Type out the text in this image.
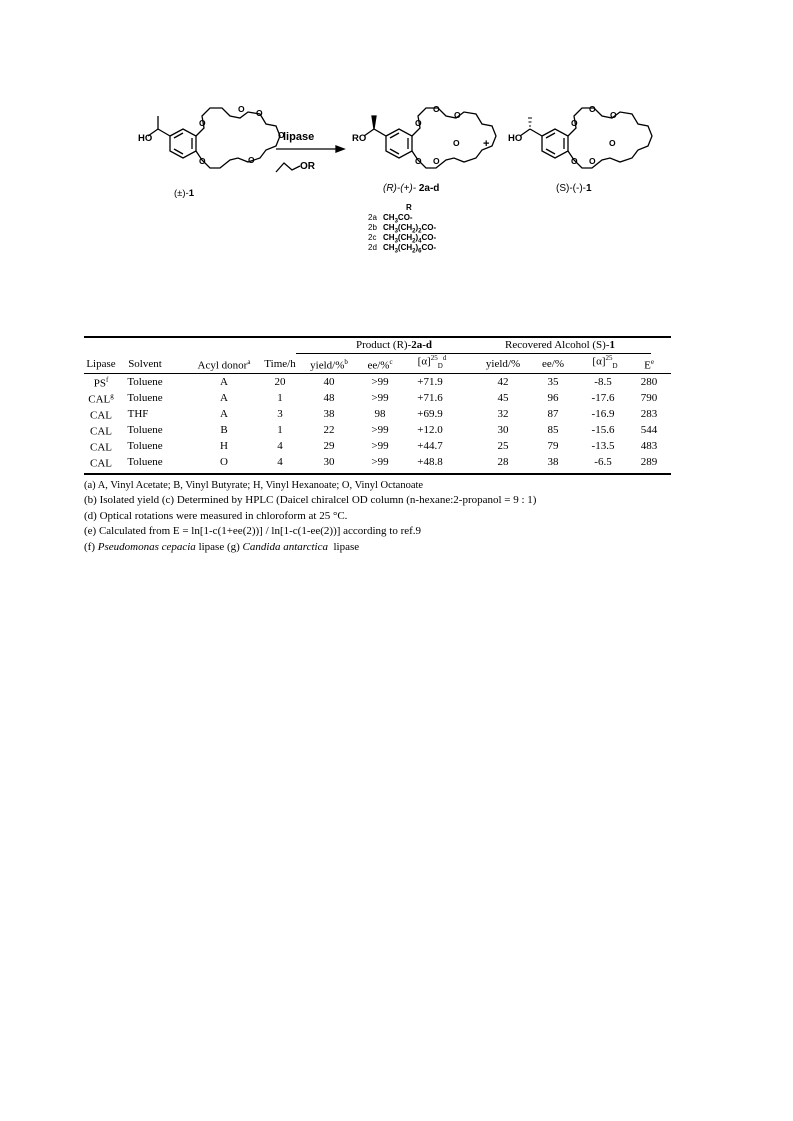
lipase
OR
HO	RO	HO
+
O
O O
O
O
O
O
O
O
O
O
O
O
O
O
O
O
O
(±)-1	(R)-(+)- 2a-d	(S)-(-)-1
R
2a $CH_3CO-$
2b $CH_3(CH_2)_2CO-$
2c $CH_3(CH_2)_4CO-$
2d $CH_3(CH_2)_6CO-$
Product (R)-2a-d	Recovered Alcohol (S)-1
Lipase Solvent	Acyl donor$^a$ Time/h yield/%$^b$ ee/%$^c$ $[\alpha]^{25}_D^d$	yield/% ee/%	$[\alpha]^{25}_D$ $E^e$
$PS^f$ Toluene	A	20	40	>99	+71.9	42	35	-8.5	280
CAL$^g$ Toluene	A	1	48	>99	+71.6	45	96	-17.6 790
CAL THF	A	3	38	98	+69.9	32	87	-16.9 283
CAL Toluene	B	1	22	>99	+12.0	30	85	-15.6 544
CAL Toluene	H	4	29	>99	+44.7	25	79	-13.5 483
CAL Toluene	O	4	30	>99	+48.8	28	38	-6.5	289
(a) A, Vinyl Acetate; B, Vinyl Butyrate; H, Vinyl Hexanoate; O, Vinyl Octanoate
(b) Isolated yield (c) Determined by HPLC (Daicel chiralcel OD column (n-hexane:2-propanol = 9 : 1)
(d) Optical rotations were measured in chloroform at 25 °C.
(e) Calculated from E = ln[1-c(1+ee(2))] / ln[1-c(1-ee(2))] according to ref.9
(f) Pseudomonas cepacia lipase (g) Candida antarctica  lipase
